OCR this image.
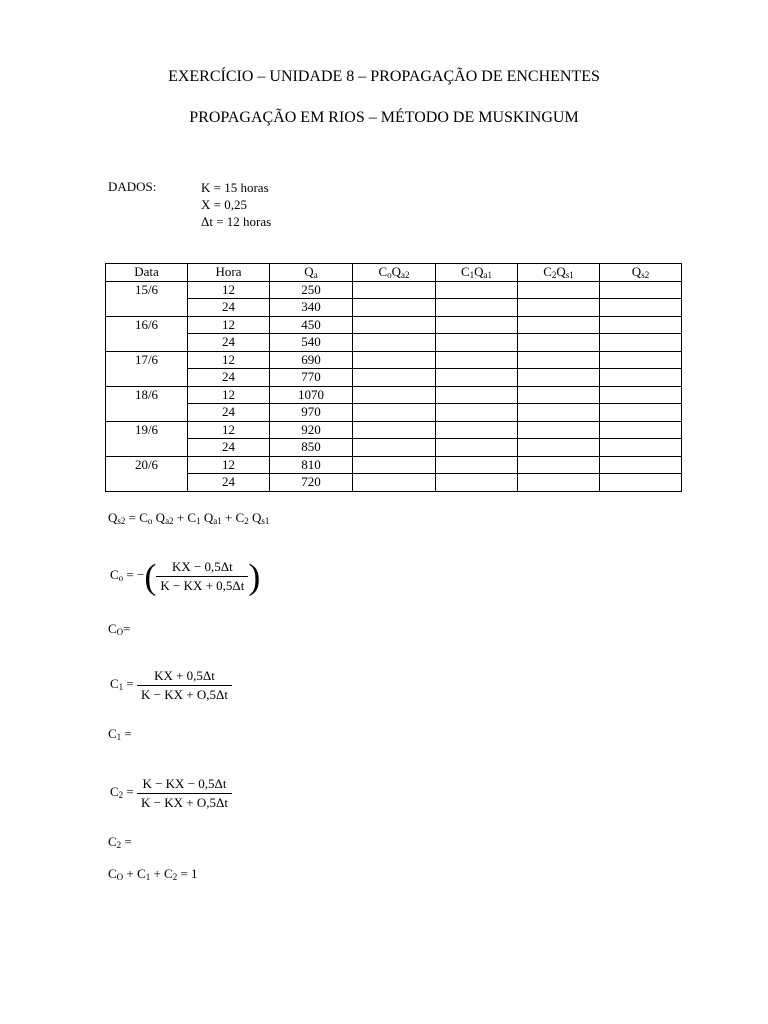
EXERCÍCIO – UNIDADE 8 – PROPAGAÇÃO DE ENCHENTES
PROPAGAÇÃO EM RIOS – MÉTODO DE MUSKINGUM
DADOS:	K = 15 horas
X = 0,25
Δt = 12 horas
Data	Hora	$Q_a$	$C_oQ_{a2}$	$C_1Q_{a1}$	$C_2Q_{s1}$	$Q_{s2}$
15/6	12	250				
	24	340				
16/6	12	450				
	24	540				
17/6	12	690				
	24	770				
18/6	12	1070				
	24	970				
19/6	12	920				
	24	850				
20/6	12	810				
	24	720				
$Q_{s2} = C_o$ $Q_{a2} + C_1$ $Q_{a1} + C_2$ $Q_{s1}$
$C_o$ = −( $\frac{KX - 0,5\Delta t}{K - KX + 0,5\Delta t}$ )
$C_O=$
$C_1 = \frac{KX + 0,5\Delta t}{K - KX + O,5\Delta t}$
$C_1$ =
$C_2 = \frac{K - KX - 0,5\Delta t}{K - KX + O,5\Delta t}$
$C_2$ =
$C_O + C_1 + C_2 = 1$
